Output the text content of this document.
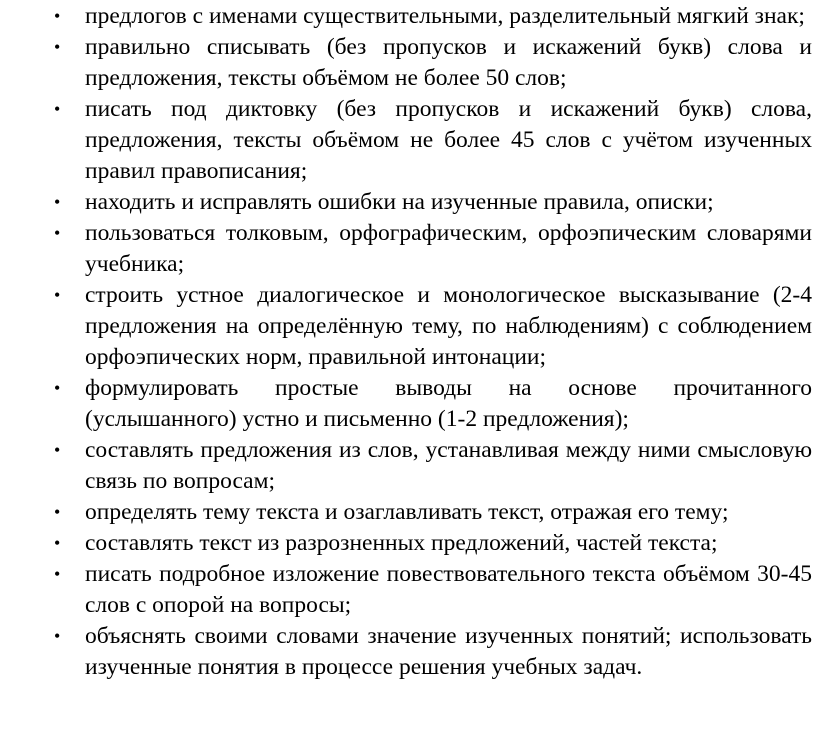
• предлогов с именами существительными, разделительный мягкий знак;
• правильно списывать (без пропусков и искажений букв) слова и предложения, тексты объёмом не более 50 слов;
• писать под диктовку (без пропусков и искажений букв) слова, предложения, тексты объёмом не более 45 слов с учётом изученных правил правописания;
• находить и исправлять ошибки на изученные правила, описки;
• пользоваться толковым, орфографическим, орфоэпическим словарями учебника;
• строить устное диалогическое и монологическое высказывание (2-4 предложения на определённую тему, по наблюдениям) с соблюдением орфоэпических норм, правильной интонации;
• формулировать простые выводы на основе прочитанного (услышанного) устно и письменно (1-2 предложения);
• составлять предложения из слов, устанавливая между ними смысловую связь по вопросам;
• определять тему текста и озаглавливать текст, отражая его тему;
• составлять текст из разрозненных предложений, частей текста;
• писать подробное изложение повествовательного текста объёмом 30-45 слов с опорой на вопросы;
• объяснять своими словами значение изученных понятий; использовать изученные понятия в процессе решения учебных задач.
